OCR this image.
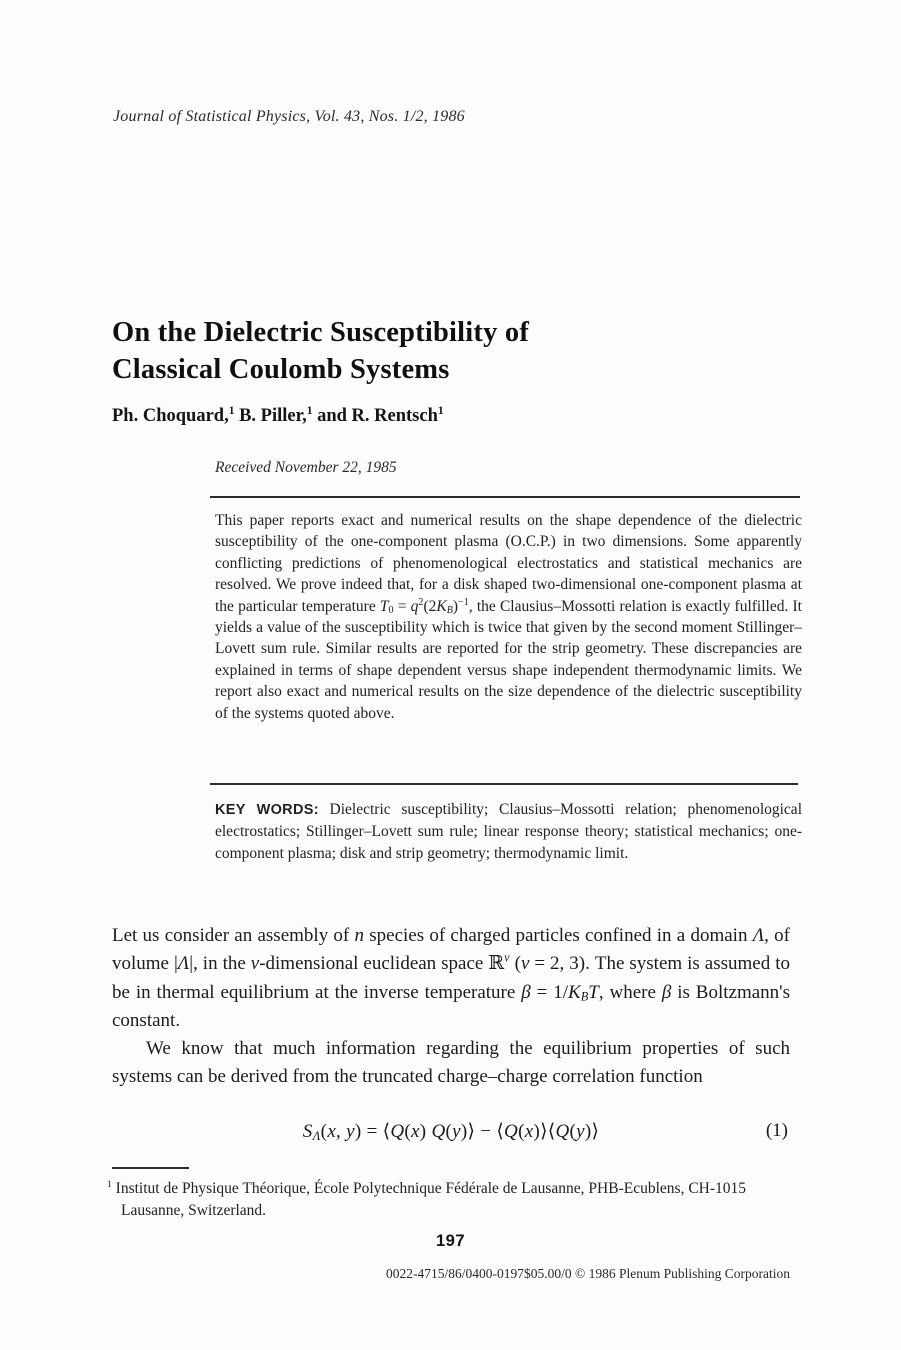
Journal of Statistical Physics, Vol. 43, Nos. 1/2, 1986
On the Dielectric Susceptibility of
Classical Coulomb Systems
Ph. Choquard,$^1$ B. Piller,$^1$ and R. Rentsch$^1$
Received November 22, 1985
This paper reports exact and numerical results on the shape dependence of the dielectric susceptibility of the one-component plasma (O.C.P.) in two dimensions. Some apparently conflicting predictions of phenomenological electrostatics and statistical mechanics are resolved. We prove indeed that, for a disk shaped two-dimensional one-component plasma at the particular temperature $T_0 = q^2(2K_B)^{-1}$, the Clausius–Mossotti relation is exactly fulfilled. It yields a value of the susceptibility which is twice that given by the second moment Stillinger–Lovett sum rule. Similar results are reported for the strip geometry. These discrepancies are explained in terms of shape dependent versus shape independent thermodynamic limits. We report also exact and numerical results on the size dependence of the dielectric susceptibility of the systems quoted above.
KEY WORDS: Dielectric susceptibility; Clausius–Mossotti relation; phenomenological electrostatics; Stillinger–Lovett sum rule; linear response theory; statistical mechanics; one-component plasma; disk and strip geometry; thermodynamic limit.

Let us consider an assembly of n species of charged particles confined in a domain Λ, of volume |Λ|, in the ν-dimensional euclidean space ℝ$^\nu$ (ν = 2, 3). The system is assumed to be in thermal equilibrium at the inverse temperature $\beta = 1/K_BT$, where β is Boltzmann's constant.

We know that much information regarding the equilibrium properties of such systems can be derived from the truncated charge–charge correlation function

$S_\Lambda(x$, y) = ⟨Q(x) Q(y)⟩ − ⟨Q(x)⟩⟨Q(y)⟩	(1)
$^1$ Institut de Physique Théorique, École Polytechnique Fédérale de Lausanne, PHB-Ecublens, CH-1015 Lausanne, Switzerland.
197
0022-4715/86/0400-0197$05.00/0 © 1986 Plenum Publishing Corporation
